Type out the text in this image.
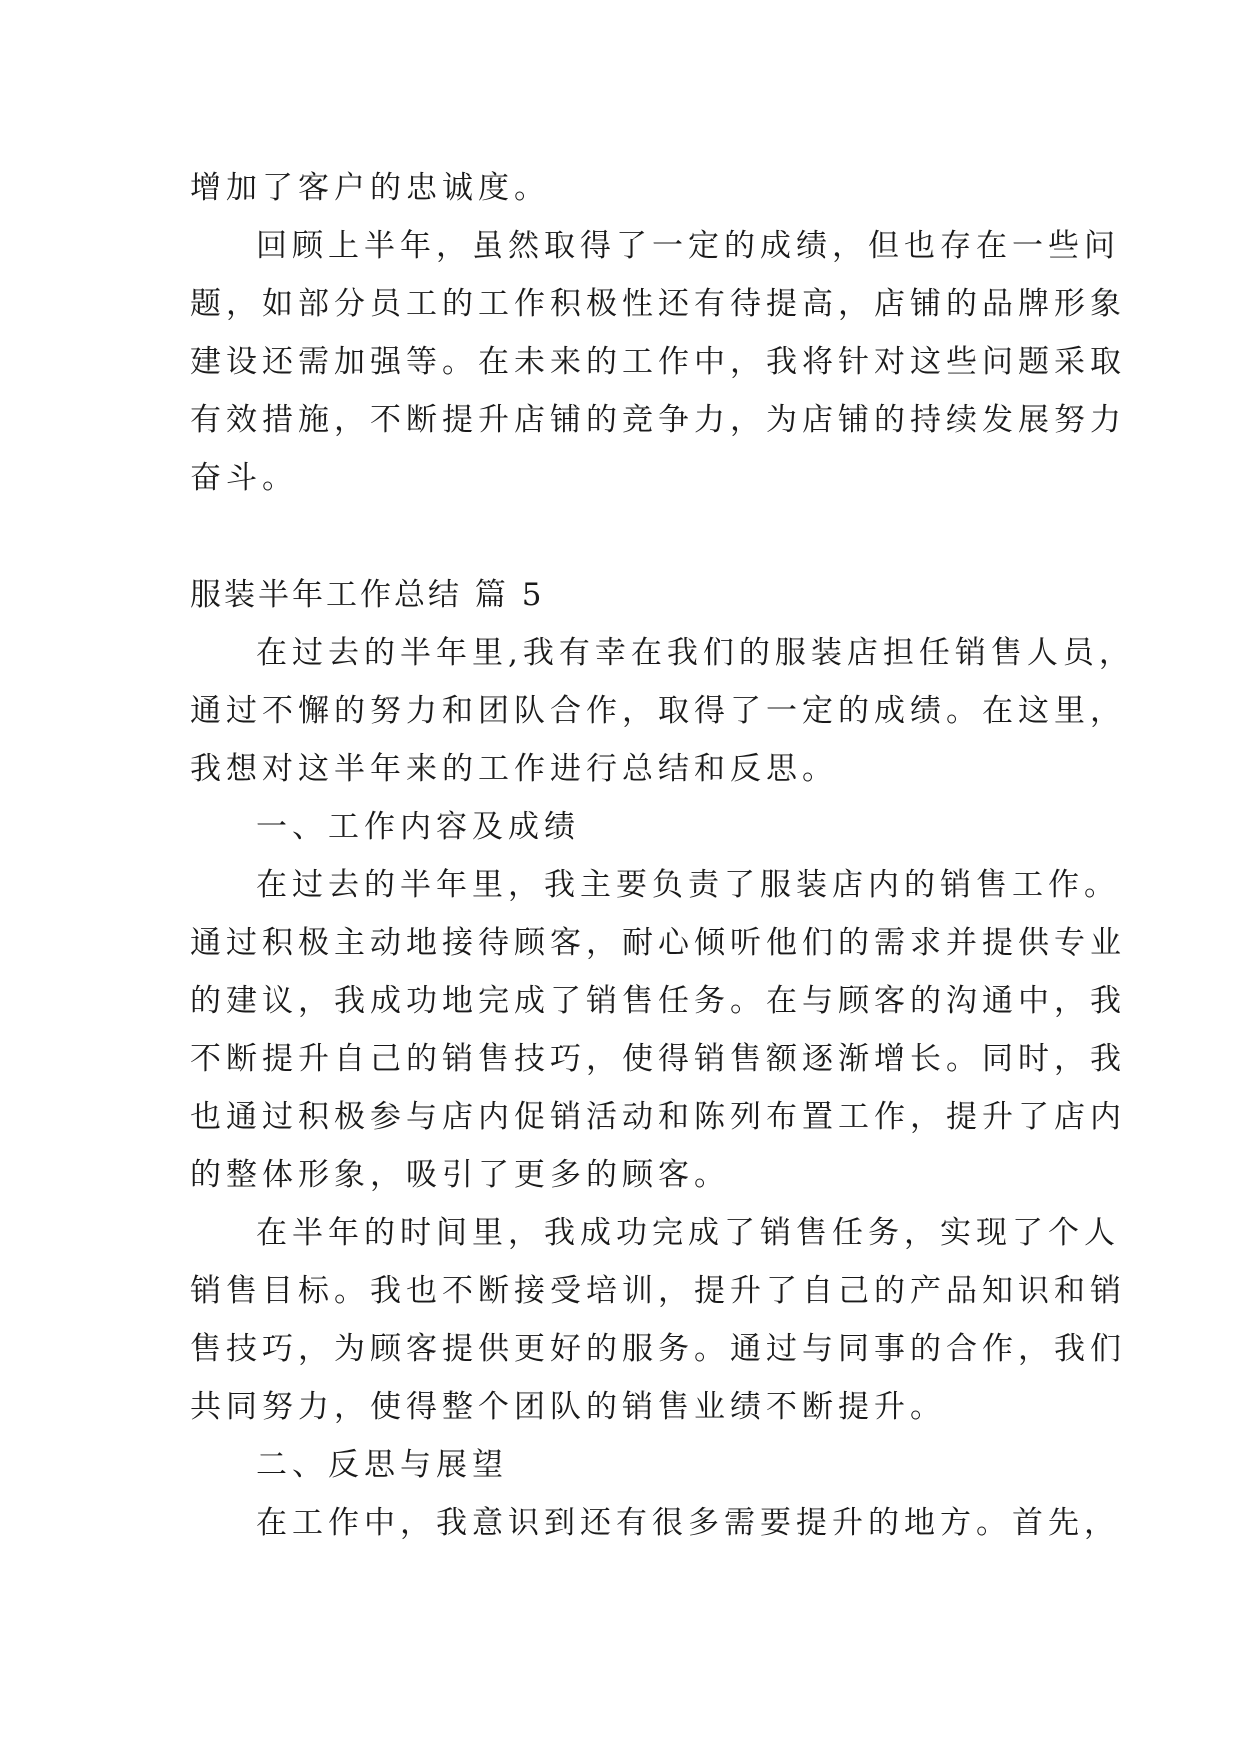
增加了客户的忠诚度。
回顾上半年，虽然取得了一定的成绩，但也存在一些问
题，如部分员工的工作积极性还有待提高，店铺的品牌形象
建设还需加强等。在未来的工作中，我将针对这些问题采取
有效措施，不断提升店铺的竞争力，为店铺的持续发展努力
奋斗。
服装半年工作总结 篇 5
在过去的半年里,我有幸在我们的服装店担任销售人员，
通过不懈的努力和团队合作，取得了一定的成绩。在这里，
我想对这半年来的工作进行总结和反思。
一、工作内容及成绩
在过去的半年里，我主要负责了服装店内的销售工作。
通过积极主动地接待顾客，耐心倾听他们的需求并提供专业
的建议，我成功地完成了销售任务。在与顾客的沟通中，我
不断提升自己的销售技巧，使得销售额逐渐增长。同时，我
也通过积极参与店内促销活动和陈列布置工作，提升了店内
的整体形象，吸引了更多的顾客。
在半年的时间里，我成功完成了销售任务，实现了个人
销售目标。我也不断接受培训，提升了自己的产品知识和销
售技巧，为顾客提供更好的服务。通过与同事的合作，我们
共同努力，使得整个团队的销售业绩不断提升。
二、反思与展望
在工作中，我意识到还有很多需要提升的地方。首先，
